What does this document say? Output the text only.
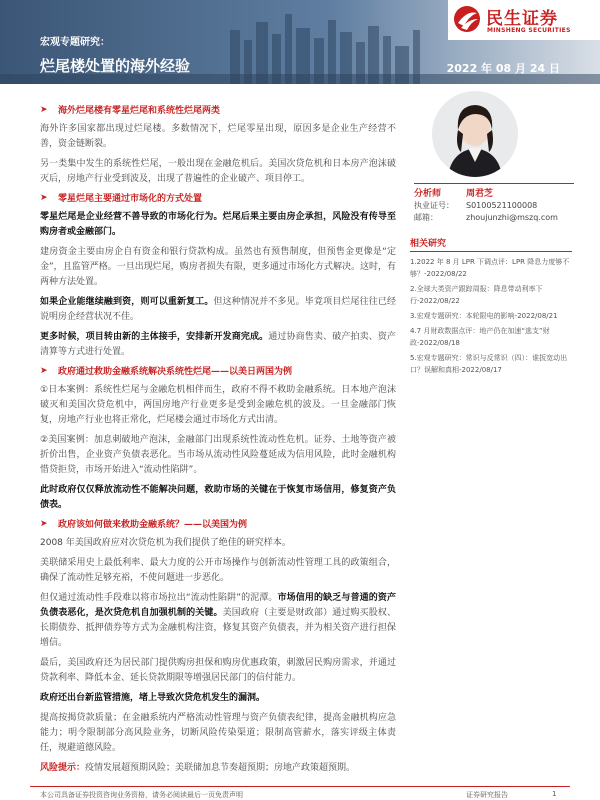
民生证券
MINSHENG SECURITIES
宏观专题研究：
烂尾楼处置的海外经验	2022 年 08 月 24 日
➤	海外烂尾楼有零星烂尾和系统性烂尾两类

海外许多国家都出现过烂尾楼。多数情况下，烂尾零星出现，原因多是企业生产经营不善，资金链断裂。

另一类集中发生的系统性烂尾，一般出现在金融危机后。美国次贷危机和日本房产泡沫破灭后，房地产行业受到波及，出现了普遍性的企业破产、项目停工。

➤	零星烂尾主要通过市场化的方式处置

零星烂尾是企业经营不善导致的市场化行为。烂尾后果主要由房企承担，风险没有传导至购房者或金融部门。

建房资金主要由房企自有资金和银行贷款构成。虽然也有预售制度，但预售金更像是“定金”，且监管严格。一旦出现烂尾，购房者损失有限，更多通过市场化方式解决。这时，有两种方法处置。

如果企业能继续融到资，则可以重新复工。但这种情况并不多见。毕竟项目烂尾往往已经说明房企经营状况不佳。

更多时候，项目转由新的主体接手，安排新开发商完成。通过协商售卖、破产拍卖、资产清算等方式进行处置。

➤	政府通过救助金融系统解决系统性烂尾——以美日两国为例

①日本案例：系统性烂尾与金融危机相伴而生，政府不得不救助金融系统。日本地产泡沫破灭和美国次贷危机中，两国房地产行业更多是受到金融危机的波及。一旦金融部门恢复，房地产行业也将正常化，烂尾楼会通过市场化方式出清。

②美国案例：加息刺破地产泡沫，金融部门出现系统性流动性危机。证券、土地等资产被折价出售，企业资产负债表恶化。当市场从流动性风险蔓延成为信用风险，此时金融机构惜贷拒贷，市场开始进入“流动性陷阱”。

此时政府仅仅释放流动性不能解决问题，救助市场的关键在于恢复市场信用，修复资产负债表。

➤	政府该如何做来救助金融系统？——以美国为例

2008 年美国政府应对次贷危机为我们提供了绝佳的研究样本。

美联储采用史上最低利率、最大力度的公开市场操作与创新流动性管理工具的政策组合，确保了流动性足够充裕，不使问题进一步恶化。

但仅通过流动性手段难以将市场拉出“流动性陷阱”的泥潭。市场信用的缺乏与普通的资产负债表恶化，是次贷危机自加强机制的关键。美国政府（主要是财政部）通过购买股权、长期债券、抵押债券等方式为金融机构注资，修复其资产负债表，并为相关资产进行担保增信。

最后，美国政府还为居民部门提供购房担保和购房优惠政策，刺激居民购房需求，并通过贷款利率、降低本金、延长贷款期限等增强居民部门的信付能力。

政府还出台新监管措施，堵上导致次贷危机发生的漏洞。

提高按揭贷款质量；在金融系统内严格流动性管理与资产负债表纪律，提高金融机构应急能力；明令限制部分高风险业务，切断风险传染渠道；限制高管薪水，落实评级主体责任，规避道德风险。

风险提示：疫情发展超预期风险；美联储加息节奏超预期；房地产政策超预期。

分析师	周君芝
执业证号：	S0100521100008
邮箱：	zhoujunzhi@mszq.com
相关研究
1.2022 年 8 月 LPR 下调点评：LPR 降息力度够不够？-2022/08/22
2.全球大类资产跟踪周报：降息带动利率下行-2022/08/22
3.宏观专题研究：本轮限电的影响-2022/08/21
4.7 月财政数据点评：地产仍在加速“逃支”财政-2022/08/18
5.宏观专题研究：常识与反常识（四）：谁扳宽动出口？误解和真相-2022/08/17
本公司具备证券投资咨询业务资格，请务必阅读最后一页免责声明	证券研究报告	1
